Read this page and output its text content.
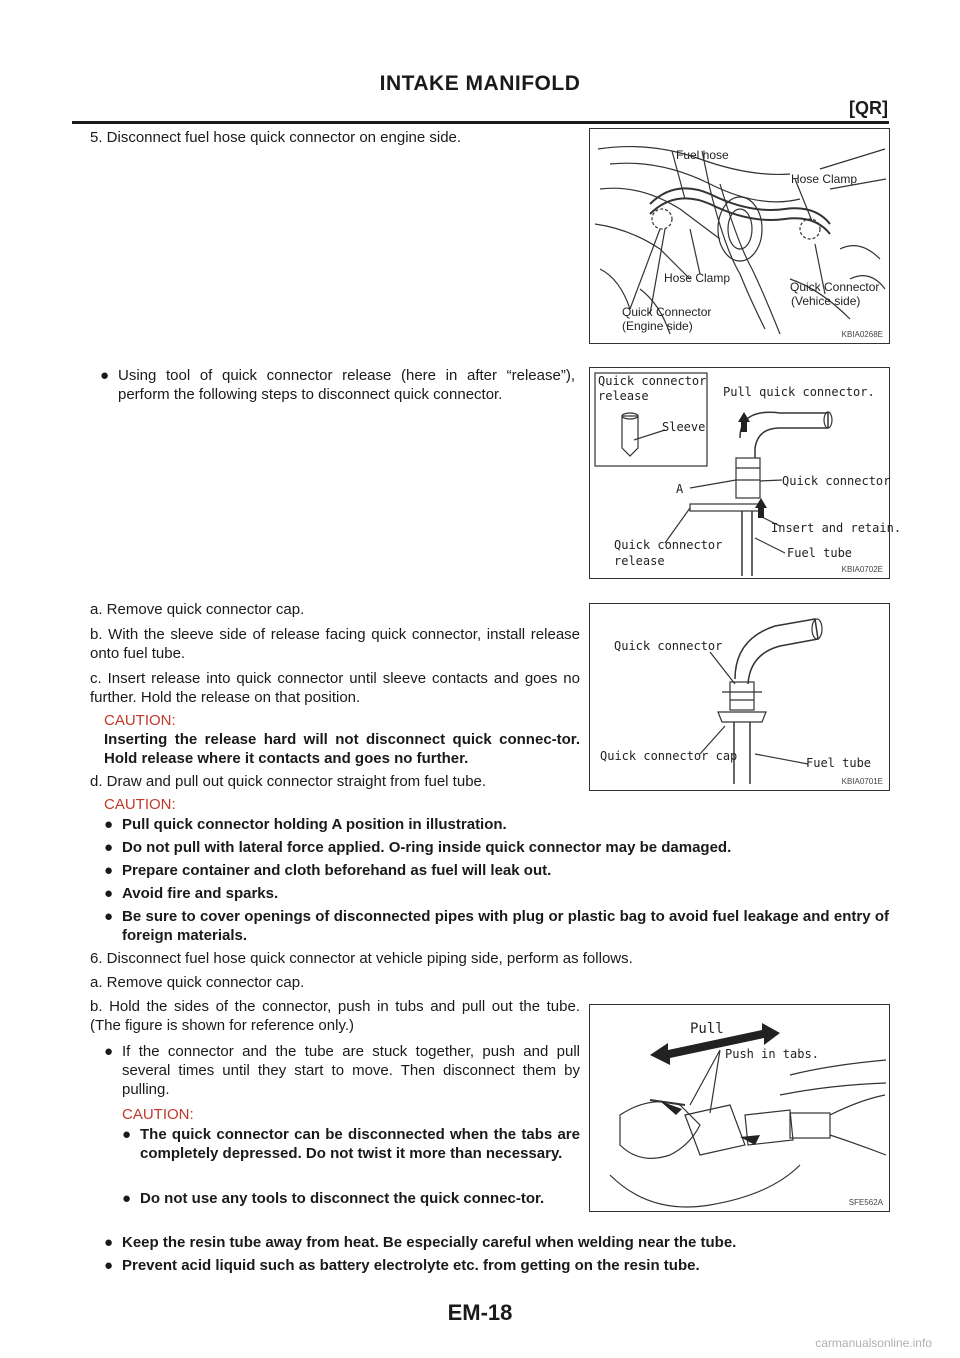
INTAKE MANIFOLD
[QR]
5. Disconnect fuel hose quick connector on engine side.
Fuel hose
Hose Clamp
Hose Clamp
Quick Connector
(Vehice side)
Quick Connector
(Engine side)
KBIA0268E
● Using tool of quick connector release (here in after “release”), perform the following steps to disconnect quick connector.
Quick connector
release
Sleeve
Pull quick connector.
Quick connector
A
Insert and retain.
Quick connector
release
Fuel tube
KBIA0702E
a. Remove quick connector cap.
b. With the sleeve side of release facing quick connector, install release onto fuel tube.
c. Insert release into quick connector until sleeve contacts and goes no further. Hold the release on that position.
CAUTION:
Inserting the release hard will not disconnect quick connec-tor. Hold release where it contacts and goes no further.
d. Draw and pull out quick connector straight from fuel tube.
CAUTION:
● Pull quick connector holding A position in illustration.
● Do not pull with lateral force applied. O-ring inside quick connector may be damaged.
● Prepare container and cloth beforehand as fuel will leak out.
● Avoid fire and sparks.
● Be sure to cover openings of disconnected pipes with plug or plastic bag to avoid fuel leakage and entry of foreign materials.
Quick connector
Fuel tube
Quick connector cap
KBIA0701E
6. Disconnect fuel hose quick connector at vehicle piping side, perform as follows.
a. Remove quick connector cap.
b. Hold the sides of the connector, push in tubs and pull out the tube. (The figure is shown for reference only.)
● If the connector and the tube are stuck together, push and pull several times until they start to move. Then disconnect them by pulling.
CAUTION:
● The quick connector can be disconnected when the tabs are completely depressed. Do not twist it more than necessary.
● Do not use any tools to disconnect the quick connec-tor.
● Keep the resin tube away from heat. Be especially careful when welding near the tube.
● Prevent acid liquid such as battery electrolyte etc. from getting on the resin tube.
Pull
Push in tabs.
SFE562A
EM-18
carmanualsonline.info
